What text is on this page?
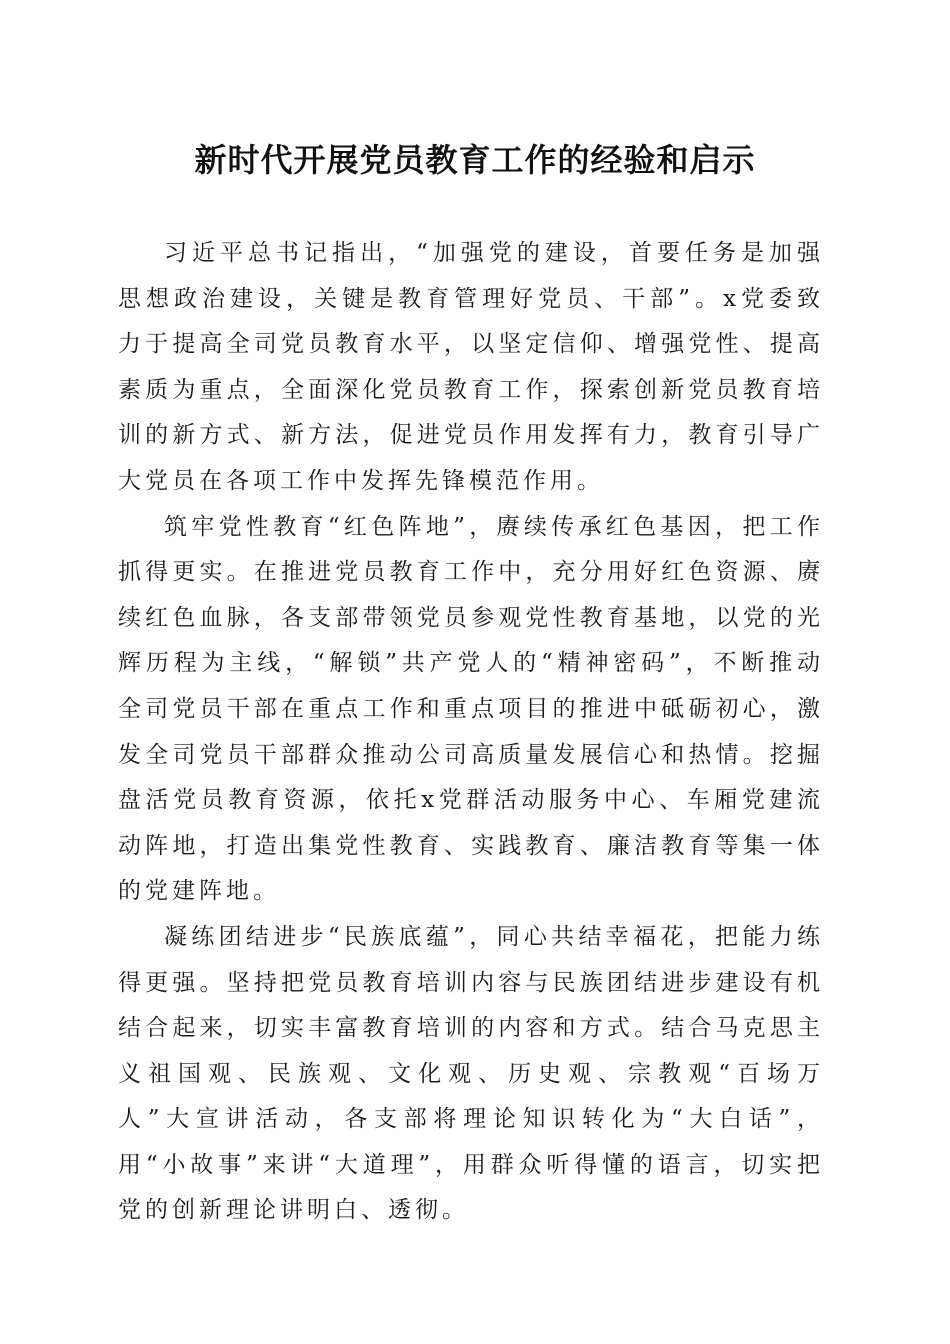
新时代开展党员教育工作的经验和启示

习近平总书记指出，“加强党的建设，首要任务是加强思想政治建设，关键是教育管理好党员、干部”。x党委致力于提高全司党员教育水平，以坚定信仰、增强党性、提高素质为重点，全面深化党员教育工作，探索创新党员教育培训的新方式、新方法，促进党员作用发挥有力，教育引导广大党员在各项工作中发挥先锋模范作用。

筑牢党性教育“红色阵地”，赓续传承红色基因，把工作抓得更实。在推进党员教育工作中，充分用好红色资源、赓续红色血脉，各支部带领党员参观党性教育基地，以党的光辉历程为主线，“解锁”共产党人的“精神密码”，不断推动全司党员干部在重点工作和重点项目的推进中砥砺初心，激发全司党员干部群众推动公司高质量发展信心和热情。挖掘盘活党员教育资源，依托x党群活动服务中心、车厢党建流动阵地，打造出集党性教育、实践教育、廉洁教育等集一体的党建阵地。

凝练团结进步“民族底蕴”，同心共结幸福花，把能力练得更强。坚持把党员教育培训内容与民族团结进步建设有机结合起来，切实丰富教育培训的内容和方式。结合马克思主义祖国观、民族观、文化观、历史观、宗教观“百场万人”大宣讲活动，各支部将理论知识转化为“大白话”，用“小故事”来讲“大道理”，用群众听得懂的语言，切实把党的创新理论讲明白、透彻。
